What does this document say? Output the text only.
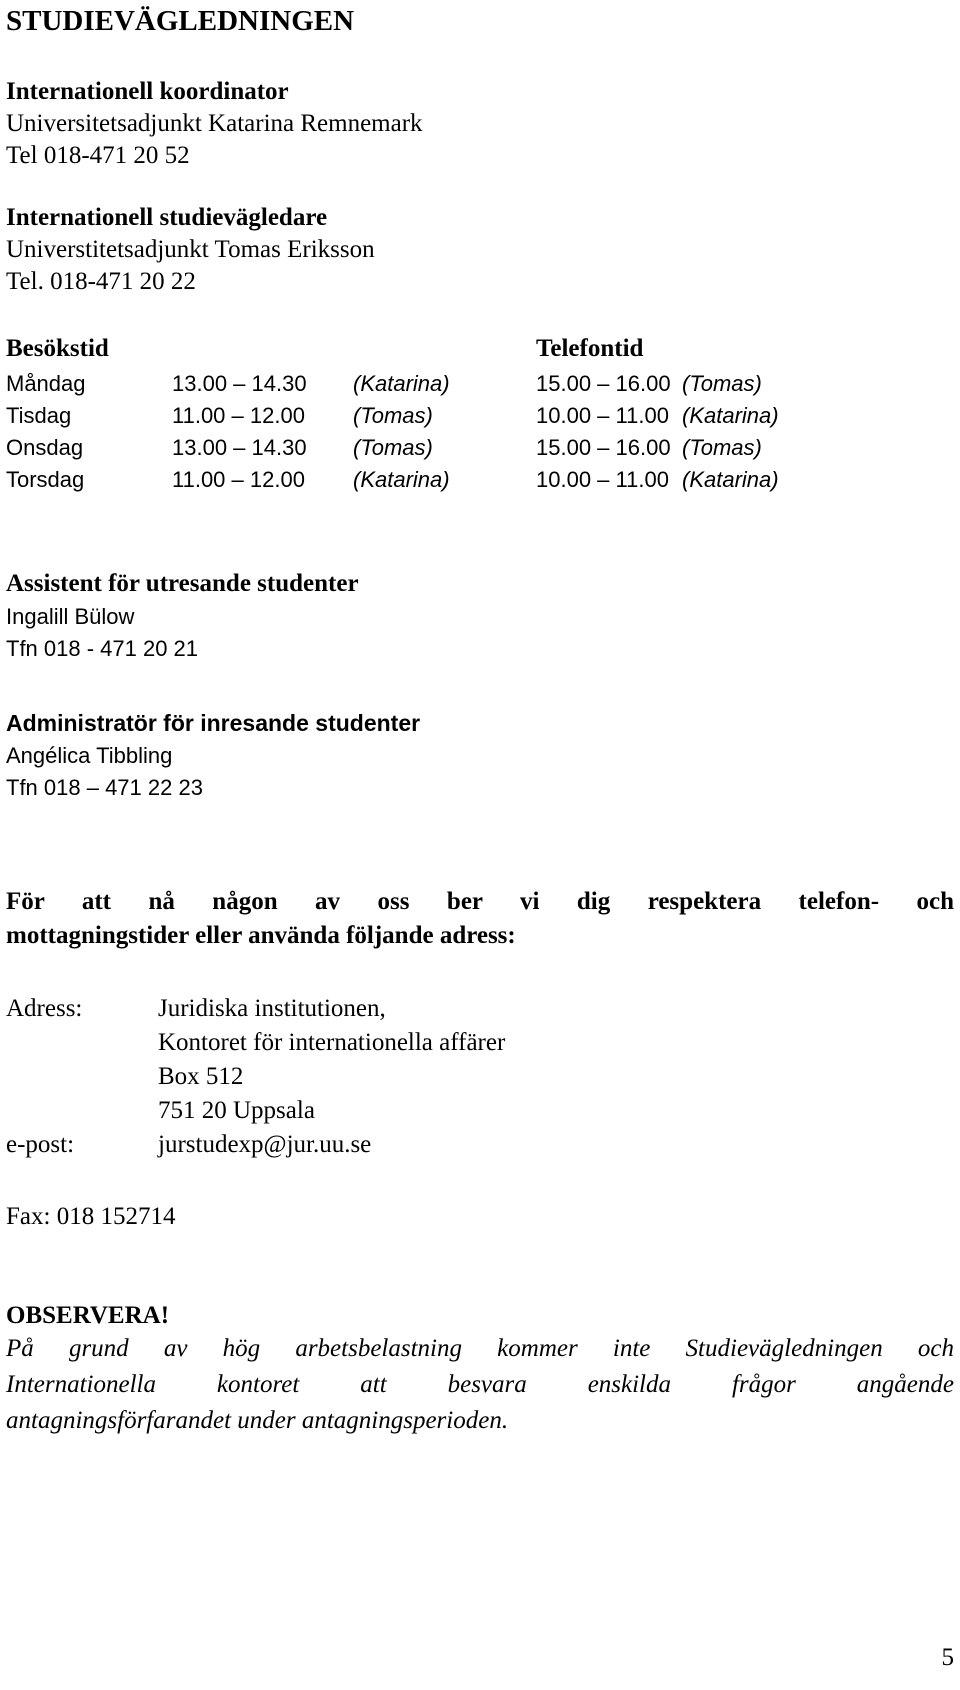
STUDIEVÄGLEDNINGEN
Internationell koordinator
Universitetsadjunkt Katarina Remnemark
Tel 018-471 20 52
Internationell studievägledare
Universtitetsadjunkt Tomas Eriksson
Tel. 018-471 20 22
Besökstid	Telefontid
Måndag	13.00 – 14.30 (Katarina)	15.00 – 16.00 (Tomas)
Tisdag	11.00 – 12.00 (Tomas)	10.00 – 11.00 (Katarina)
Onsdag	13.00 – 14.30 (Tomas)	15.00 – 16.00 (Tomas)
Torsdag	11.00 – 12.00 (Katarina)	10.00 – 11.00 (Katarina)
Assistent för utresande studenter
Ingalill Bülow
Tfn 018 - 471 20 21
Administratör för inresande studenter
Angélica Tibbling
Tfn 018 – 471 22 23
För att nå någon av oss ber vi dig respektera telefon- och
mottagningstider eller använda följande adress:
Adress:	Juridiska institutionen,
Kontoret för internationella affärer
Box 512
751 20 Uppsala
e-post:	jurstudexp@jur.uu.se
Fax: 018 152714
OBSERVERA!
På grund av hög arbetsbelastning kommer inte Studievägledningen och
Internationella kontoret att besvara enskilda frågor angående
antagningsförfarandet under antagningsperioden.
5
